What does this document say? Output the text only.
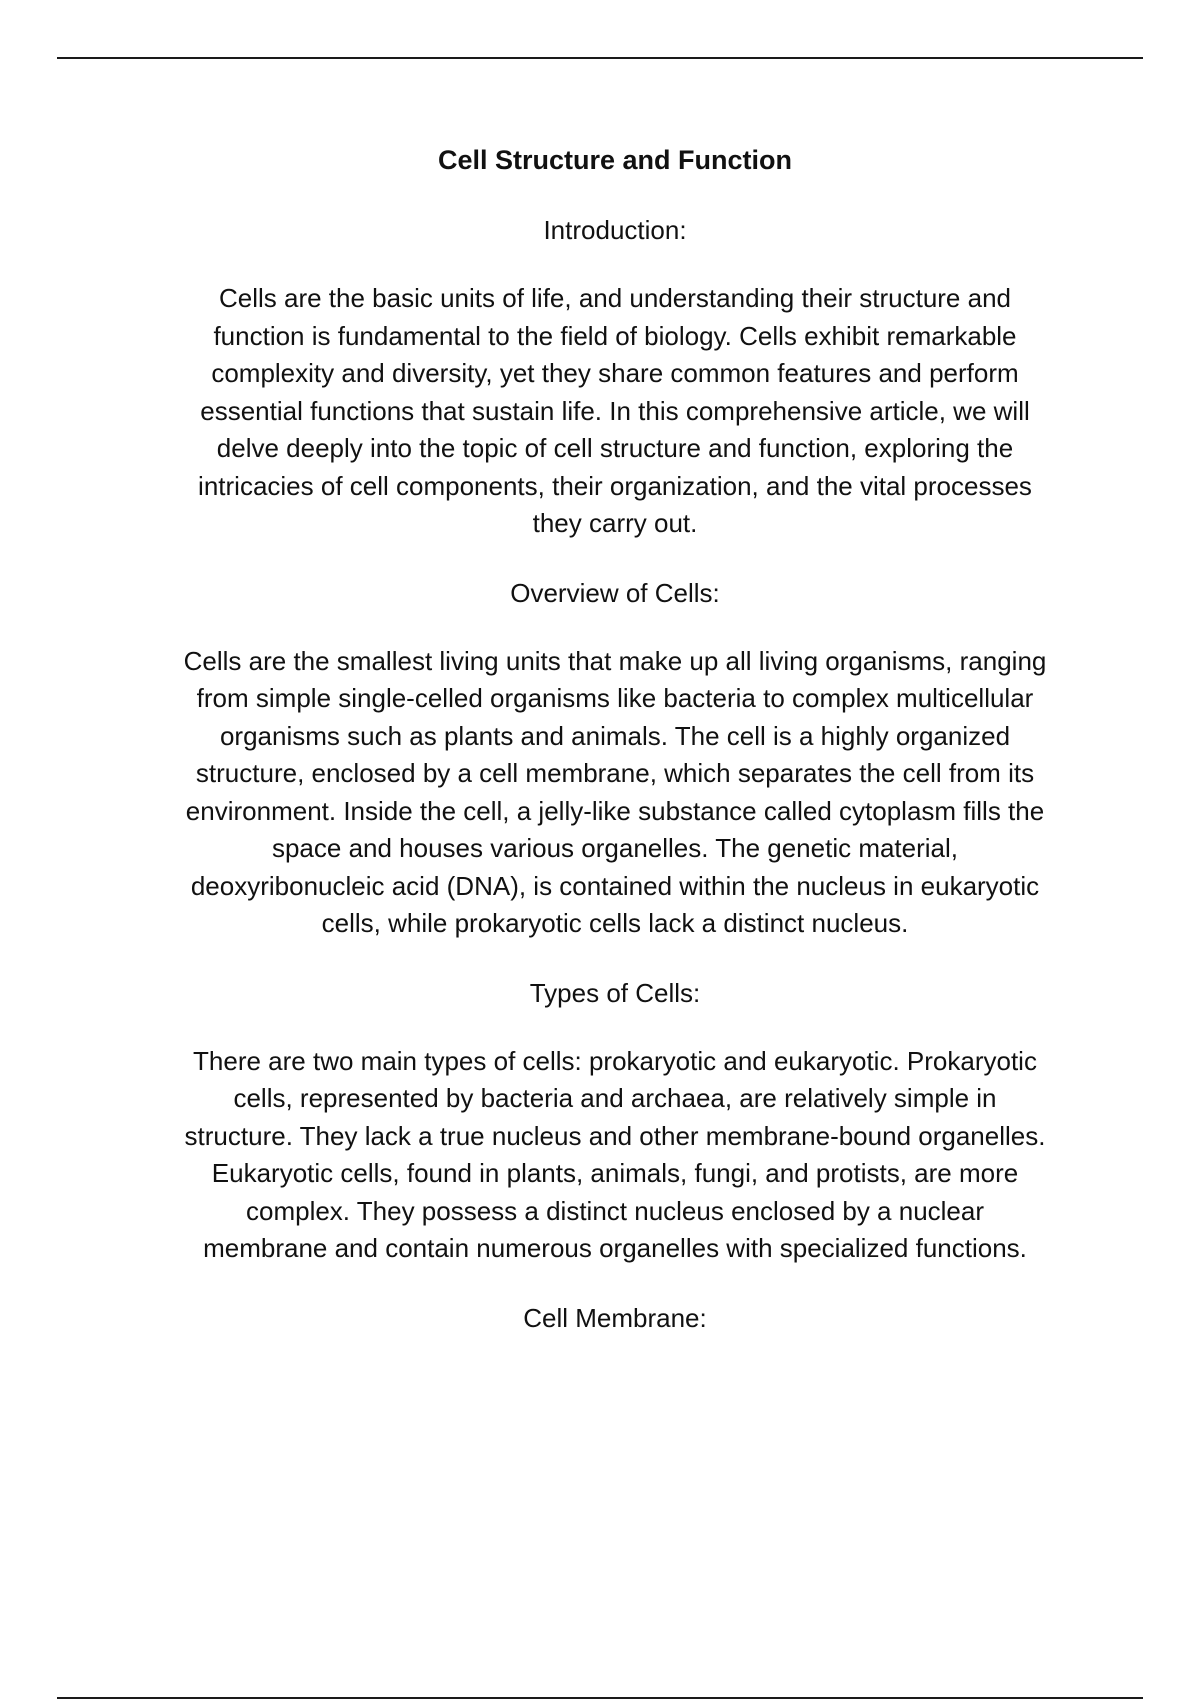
Cell Structure and Function
Introduction:

Cells are the basic units of life, and understanding their structure and
function is fundamental to the field of biology. Cells exhibit remarkable
complexity and diversity, yet they share common features and perform
essential functions that sustain life. In this comprehensive article, we will
delve deeply into the topic of cell structure and function, exploring the
intricacies of cell components, their organization, and the vital processes
they carry out.

Overview of Cells:

Cells are the smallest living units that make up all living organisms, ranging
from simple single-celled organisms like bacteria to complex multicellular
organisms such as plants and animals. The cell is a highly organized
structure, enclosed by a cell membrane, which separates the cell from its
environment. Inside the cell, a jelly-like substance called cytoplasm fills the
space and houses various organelles. The genetic material,
deoxyribonucleic acid (DNA), is contained within the nucleus in eukaryotic
cells, while prokaryotic cells lack a distinct nucleus.

Types of Cells:

There are two main types of cells: prokaryotic and eukaryotic. Prokaryotic
cells, represented by bacteria and archaea, are relatively simple in
structure. They lack a true nucleus and other membrane-bound organelles.
Eukaryotic cells, found in plants, animals, fungi, and protists, are more
complex. They possess a distinct nucleus enclosed by a nuclear
membrane and contain numerous organelles with specialized functions.

Cell Membrane:
